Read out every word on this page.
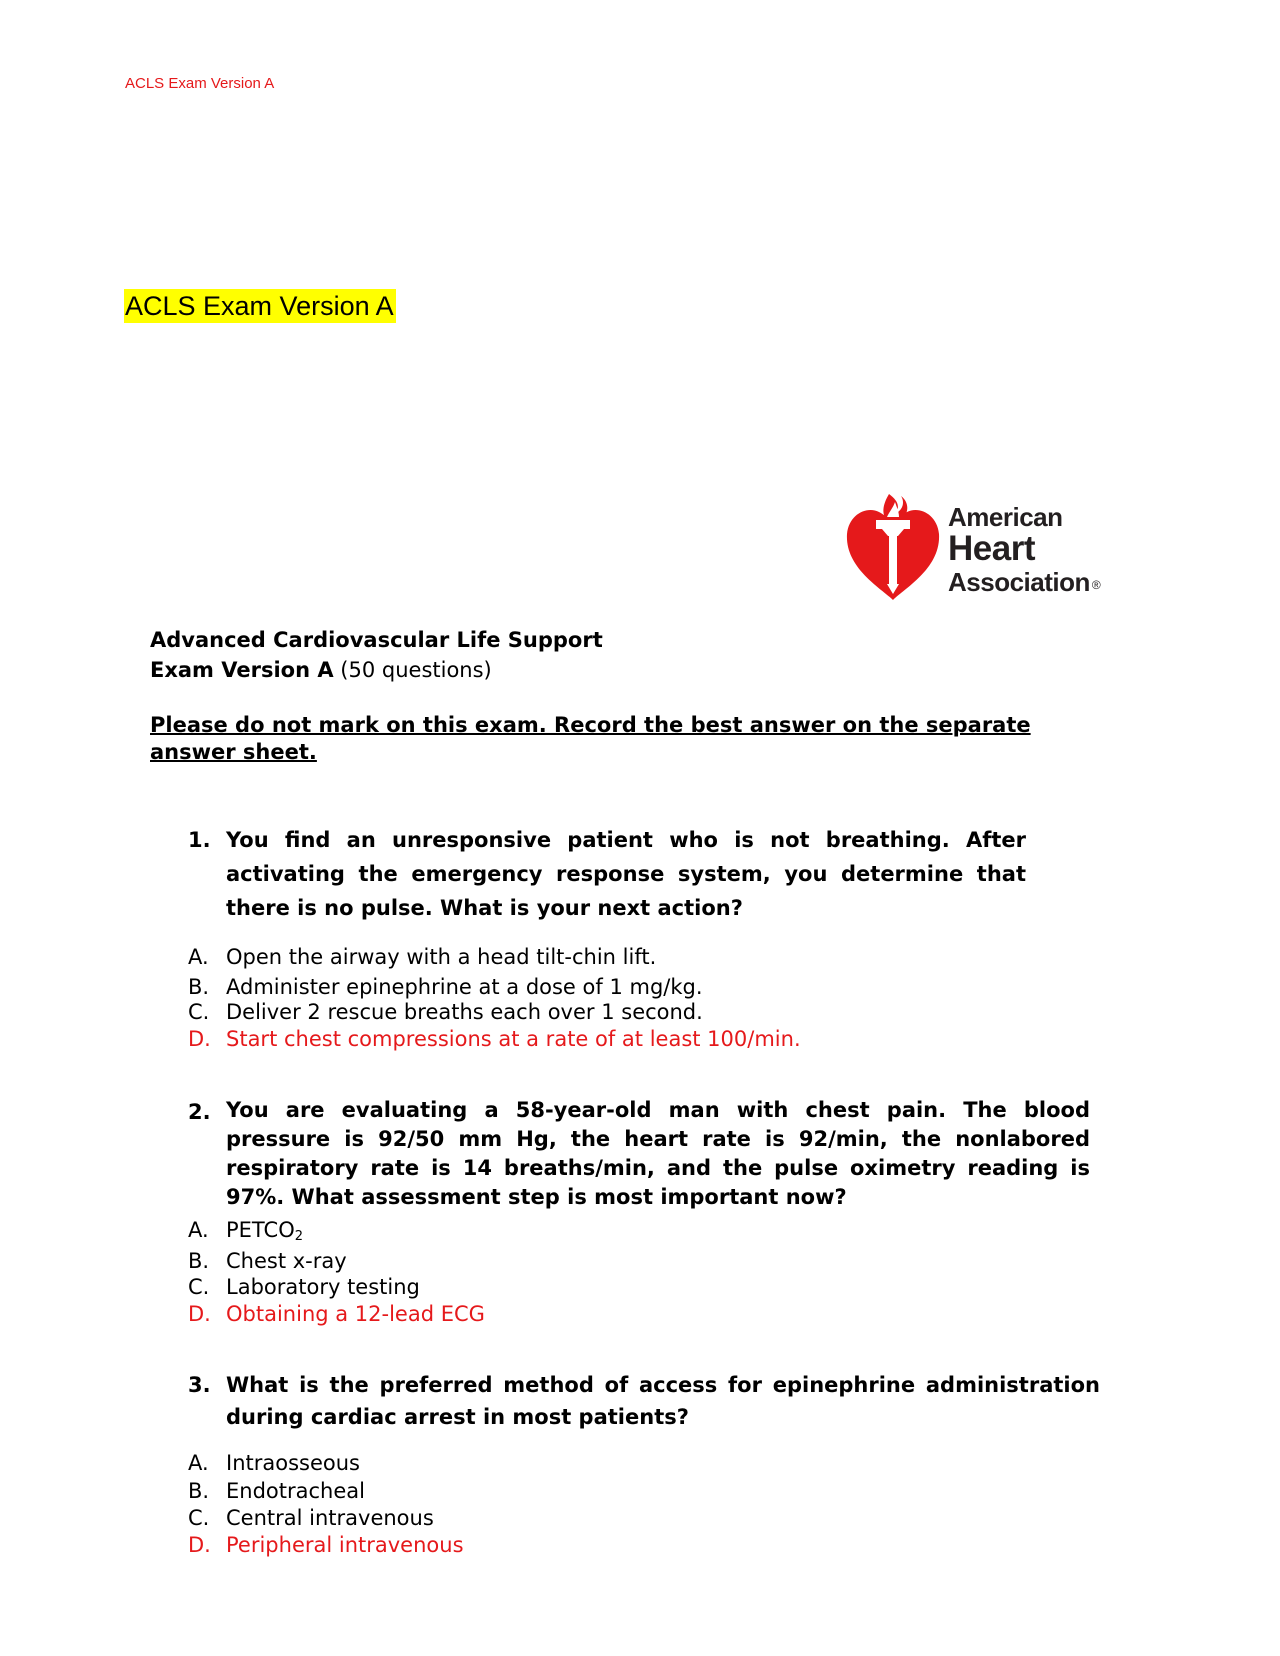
ACLS Exam Version A
ACLS Exam Version A
American
Heart
Association ®
Advanced Cardiovascular Life Support
Exam Version A (50 questions)
Please do not mark on this exam. Record the best answer on the separate answer sheet.
1. You find an unresponsive patient who is not breathing. After activating the emergency response system, you determine that there is no pulse. What is your next action?
A. Open the airway with a head tilt-chin lift.
B. Administer epinephrine at a dose of 1 mg/kg.
C. Deliver 2 rescue breaths each over 1 second.
D. Start chest compressions at a rate of at least 100/min.
2. You are evaluating a 58-year-old man with chest pain. The blood pressure is 92/50 mm Hg, the heart rate is 92/min, the nonlabored respiratory rate is 14 breaths/min, and the pulse oximetry reading is 97%. What assessment step is most important now?
A. $PETCO_2$
B. Chest x-ray
C. Laboratory testing
D. Obtaining a 12-lead ECG
3. What is the preferred method of access for epinephrine administration during cardiac arrest in most patients?
A. Intraosseous
B. Endotracheal
C. Central intravenous
D. Peripheral intravenous
